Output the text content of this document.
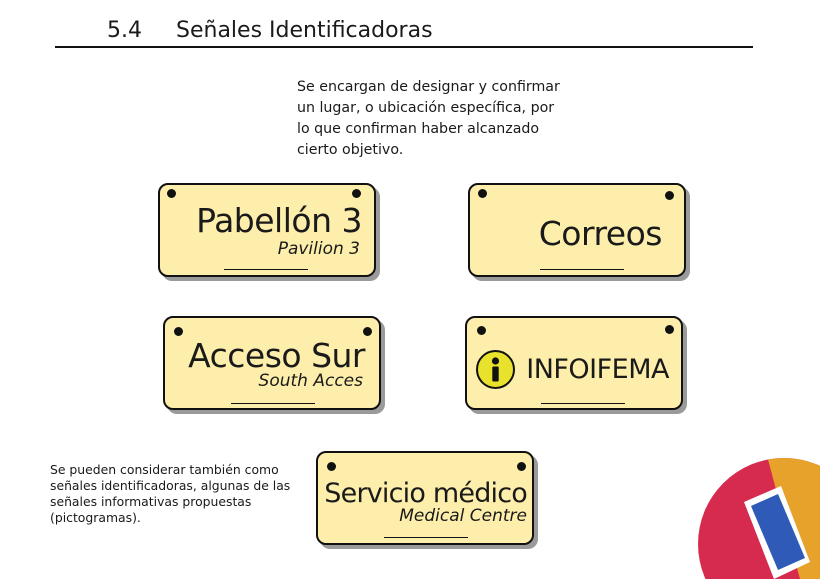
5.4 Señales Identificadoras
Se encargan de designar y confirmar
un lugar, o ubicación específica, por
lo que confirman haber alcanzado
cierto objetivo.
Pabellón 3
Pavilion 3	Correos
Acceso Sur
South Acces	INFOIFEMA
Servicio médico
Medical Centre
Se pueden considerar también como
señales identificadoras, algunas de las
señales informativas propuestas
(pictogramas).
